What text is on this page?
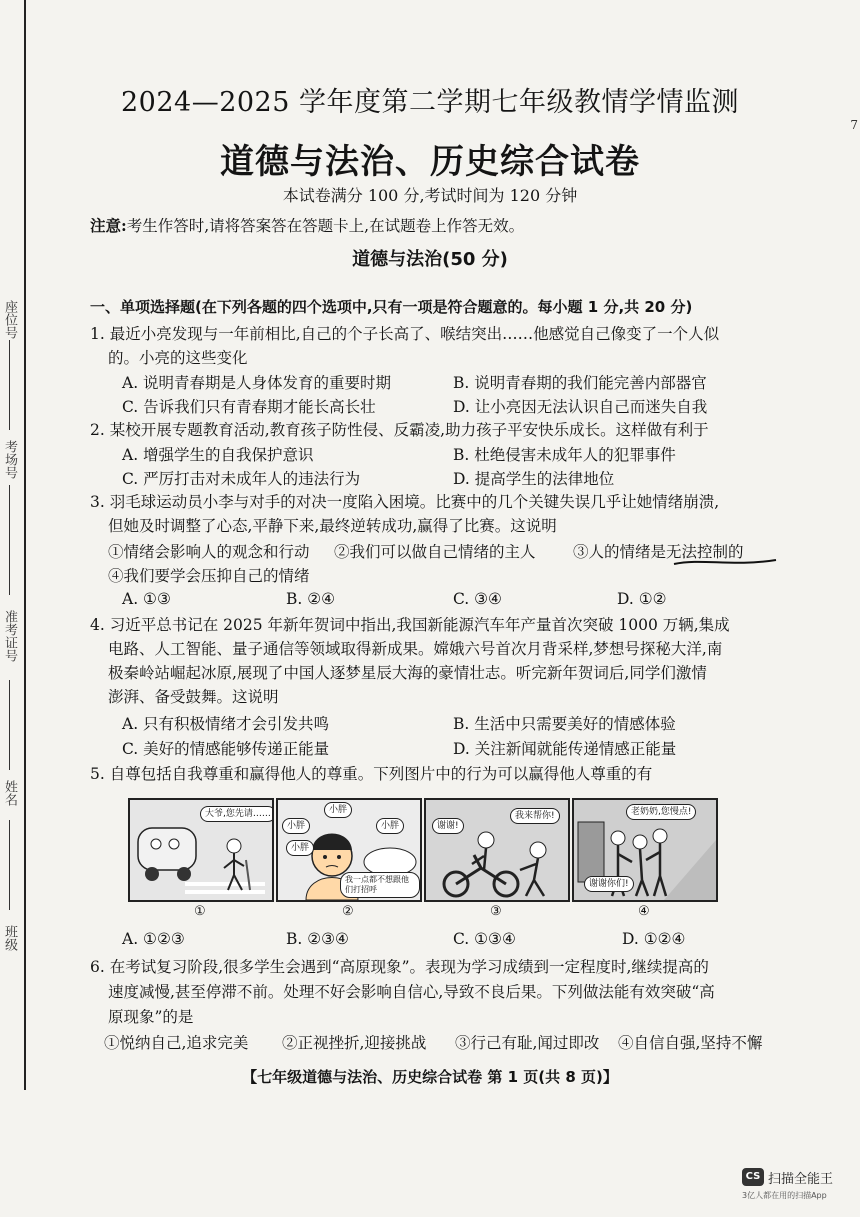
座位号
考场号
准考证号
姓名
班级
7
2024—2025 学年度第二学期七年级教情学情监测
道德与法治、历史综合试卷
本试卷满分 100 分,考试时间为 120 分钟
注意:考生作答时,请将答案答在答题卡上,在试题卷上作答无效。
道德与法治(50 分)
一、单项选择题(在下列各题的四个选项中,只有一项是符合题意的。每小题 1 分,共 20 分)
1. 最近小亮发现与一年前相比,自己的个子长高了、喉结突出……他感觉自己像变了一个人似
的。小亮的这些变化
A. 说明青春期是人身体发育的重要时期	B. 说明青春期的我们能完善内部器官
C. 告诉我们只有青春期才能长高长壮	D. 让小亮因无法认识自己而迷失自我
2. 某校开展专题教育活动,教育孩子防性侵、反霸凌,助力孩子平安快乐成长。这样做有利于
A. 增强学生的自我保护意识	B. 杜绝侵害未成年人的犯罪事件
C. 严厉打击对未成年人的违法行为	D. 提高学生的法律地位
3. 羽毛球运动员小李与对手的对决一度陷入困境。比赛中的几个关键失误几乎让她情绪崩溃,
但她及时调整了心态,平静下来,最终逆转成功,赢得了比赛。这说明
①情绪会影响人的观念和行动 ②我们可以做自己情绪的主人 ③人的情绪是无法控制的
④我们要学会压抑自己的情绪
A. ①③	B. ②④	C. ③④	D. ①②
4. 习近平总书记在 2025 年新年贺词中指出,我国新能源汽车年产量首次突破 1000 万辆,集成
电路、人工智能、量子通信等领域取得新成果。嫦娥六号首次月背采样,梦想号探秘大洋,南
极秦岭站崛起冰原,展现了中国人逐梦星辰大海的豪情壮志。听完新年贺词后,同学们激情
澎湃、备受鼓舞。这说明
A. 只有积极情绪才会引发共鸣	B. 生活中只需要美好的情感体验
C. 美好的情感能够传递正能量	D. 关注新闻就能传递情感正能量
5. 自尊包括自我尊重和赢得他人的尊重。下列图片中的行为可以赢得他人尊重的有
大爷,您先请……	小胖
小胖	小胖
小胖
我一点都不想跟他们打招呼
谢谢!
我来帮你!	老奶奶,您慢点!
谢谢你们!
①	②	③	④
A. ①②③	B. ②③④	C. ①③④	D. ①②④
6. 在考试复习阶段,很多学生会遇到“高原现象”。表现为学习成绩到一定程度时,继续提高的
速度减慢,甚至停滞不前。处理不好会影响自信心,导致不良后果。下列做法能有效突破“高
原现象”的是
①悦纳自己,追求完美 ②正视挫折,迎接挑战 ③行己有耻,闻过即改 ④自信自强,坚持不懈
【七年级道德与法治、历史综合试卷 第 1 页(共 8 页)】
CS 扫描全能王
3亿人都在用的扫描App
